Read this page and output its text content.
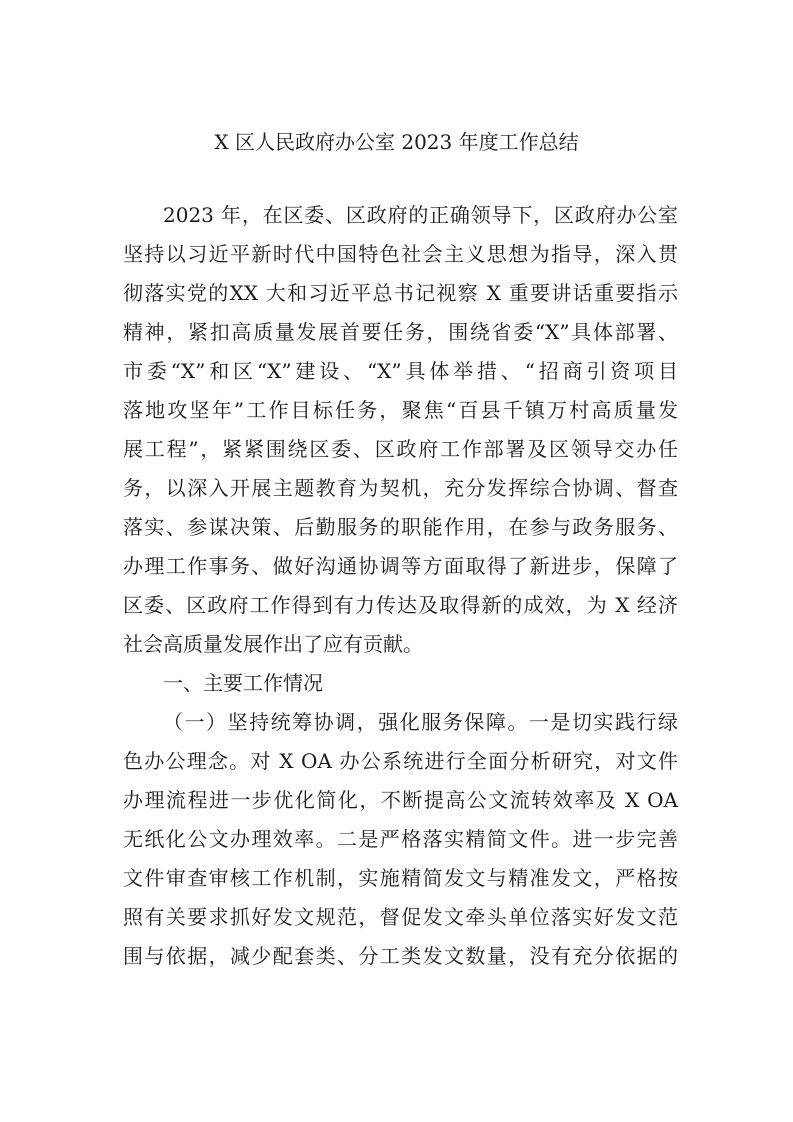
X 区人民政府办公室 2023 年度工作总结
2023 年，在区委、区政府的正确领导下，区政府办公室
坚持以习近平新时代中国特色社会主义思想为指导，深入贯
彻落实党的XX 大和习近平总书记视察 X 重要讲话重要指示
精神，紧扣高质量发展首要任务，围绕省委“X”具体部署、
市委“X”和区“X”建设、“X”具体举措、“招商引资项目
落地攻坚年”工作目标任务，聚焦“百县千镇万村高质量发
展工程”，紧紧围绕区委、区政府工作部署及区领导交办任
务，以深入开展主题教育为契机，充分发挥综合协调、督查
落实、参谋决策、后勤服务的职能作用，在参与政务服务、
办理工作事务、做好沟通协调等方面取得了新进步，保障了
区委、区政府工作得到有力传达及取得新的成效，为 X 经济
社会高质量发展作出了应有贡献。
一、主要工作情况
（一）坚持统筹协调，强化服务保障。一是切实践行绿
色办公理念。对 X OA 办公系统进行全面分析研究，对文件
办理流程进一步优化简化，不断提高公文流转效率及 X OA
无纸化公文办理效率。二是严格落实精简文件。进一步完善
文件审查审核工作机制，实施精简发文与精准发文，严格按
照有关要求抓好发文规范，督促发文牵头单位落实好发文范
围与依据，减少配套类、分工类发文数量，没有充分依据的
